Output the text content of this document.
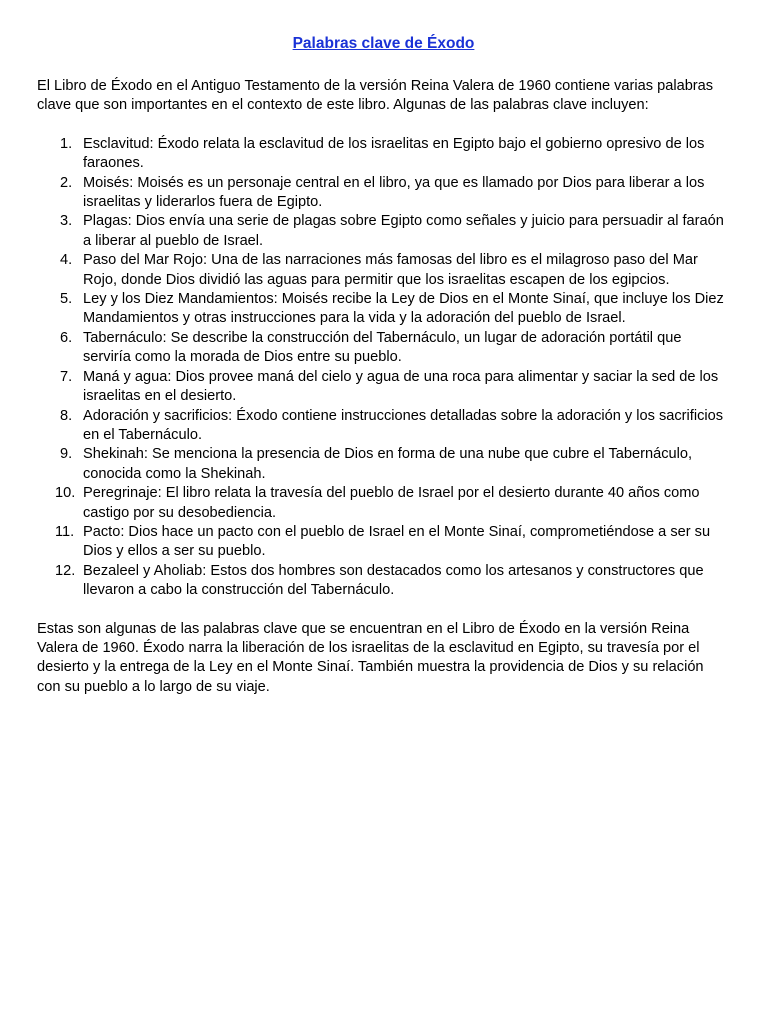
Palabras clave de Éxodo

El Libro de Éxodo en el Antiguo Testamento de la versión Reina Valera de 1960 contiene varias palabras clave que son importantes en el contexto de este libro. Algunas de las palabras clave incluyen:

1. Esclavitud: Éxodo relata la esclavitud de los israelitas en Egipto bajo el gobierno opresivo de los faraones.
2. Moisés: Moisés es un personaje central en el libro, ya que es llamado por Dios para liberar a los israelitas y liderarlos fuera de Egipto.
3. Plagas: Dios envía una serie de plagas sobre Egipto como señales y juicio para persuadir al faraón a liberar al pueblo de Israel.
4. Paso del Mar Rojo: Una de las narraciones más famosas del libro es el milagroso paso del Mar Rojo, donde Dios dividió las aguas para permitir que los israelitas escapen de los egipcios.
5. Ley y los Diez Mandamientos: Moisés recibe la Ley de Dios en el Monte Sinaí, que incluye los Diez Mandamientos y otras instrucciones para la vida y la adoración del pueblo de Israel.
6. Tabernáculo: Se describe la construcción del Tabernáculo, un lugar de adoración portátil que serviría como la morada de Dios entre su pueblo.
7. Maná y agua: Dios provee maná del cielo y agua de una roca para alimentar y saciar la sed de los israelitas en el desierto.
8. Adoración y sacrificios: Éxodo contiene instrucciones detalladas sobre la adoración y los sacrificios en el Tabernáculo.
9. Shekinah: Se menciona la presencia de Dios en forma de una nube que cubre el Tabernáculo, conocida como la Shekinah.
10. Peregrinaje: El libro relata la travesía del pueblo de Israel por el desierto durante 40 años como castigo por su desobediencia.
11. Pacto: Dios hace un pacto con el pueblo de Israel en el Monte Sinaí, comprometiéndose a ser su Dios y ellos a ser su pueblo.
12. Bezaleel y Aholiab: Estos dos hombres son destacados como los artesanos y constructores que llevaron a cabo la construcción del Tabernáculo.

Estas son algunas de las palabras clave que se encuentran en el Libro de Éxodo en la versión Reina Valera de 1960. Éxodo narra la liberación de los israelitas de la esclavitud en Egipto, su travesía por el desierto y la entrega de la Ley en el Monte Sinaí. También muestra la providencia de Dios y su relación con su pueblo a lo largo de su viaje.
